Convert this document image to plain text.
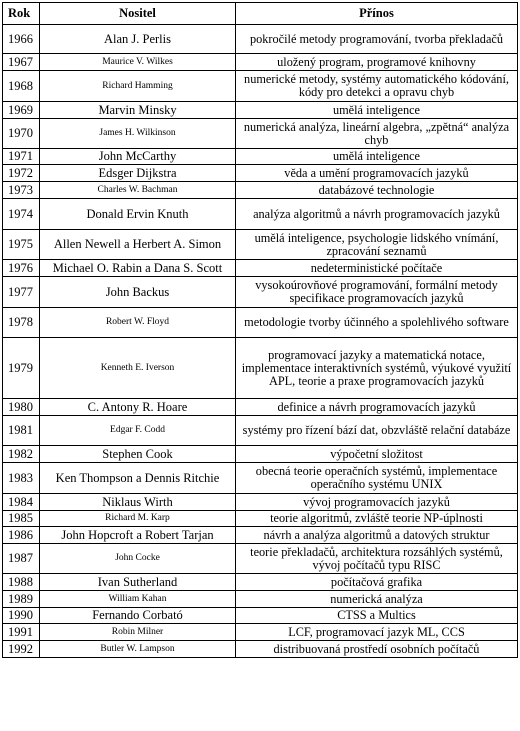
Rok	Nositel	Přínos
1966	Alan J. Perlis	pokročilé metody programování, tvorba překladačů
1967	Maurice V. Wilkes	uložený program, programové knihovny
1968	Richard Hamming	numerické metody, systémy automatického kódování, kódy pro detekci a opravu chyb
1969	Marvin Minsky	umělá inteligence
1970	James H. Wilkinson	numerická analýza, lineární algebra, „zpětná“ analýza chyb
1971	John McCarthy	umělá inteligence
1972	Edsger Dijkstra	věda a umění programovacích jazyků
1973	Charles W. Bachman	databázové technologie
1974	Donald Ervin Knuth	analýza algoritmů a návrh programovacích jazyků
1975	Allen Newell a Herbert A. Simon	umělá inteligence, psychologie lidského vnímání, zpracování seznamů
1976	Michael O. Rabin a Dana S. Scott	nedeterministické počítače
1977	John Backus	vysokoúrovňové programování, formální metody specifikace programovacích jazyků
1978	Robert W. Floyd	metodologie tvorby účinného a spolehlivého software
1979	Kenneth E. Iverson	programovací jazyky a matematická notace, implementace interaktivních systémů, výukové využití APL, teorie a praxe programovacích jazyků
1980	C. Antony R. Hoare	definice a návrh programovacích jazyků
1981	Edgar F. Codd	systémy pro řízení bází dat, obzvláště relační databáze
1982	Stephen Cook	výpočetní složitost
1983	Ken Thompson a Dennis Ritchie	obecná teorie operačních systémů, implementace operačního systému UNIX
1984	Niklaus Wirth	vývoj programovacích jazyků
1985	Richard M. Karp	teorie algoritmů, zvláště teorie NP-úplnosti
1986	John Hopcroft a Robert Tarjan	návrh a analýza algoritmů a datových struktur
1987	John Cocke	teorie překladačů, architektura rozsáhlých systémů, vývoj počítačů typu RISC
1988	Ivan Sutherland	počítačová grafika
1989	William Kahan	numerická analýza
1990	Fernando Corbató	CTSS a Multics
1991	Robin Milner	LCF, programovací jazyk ML, CCS
1992	Butler W. Lampson	distribuovaná prostředí osobních počítačů
